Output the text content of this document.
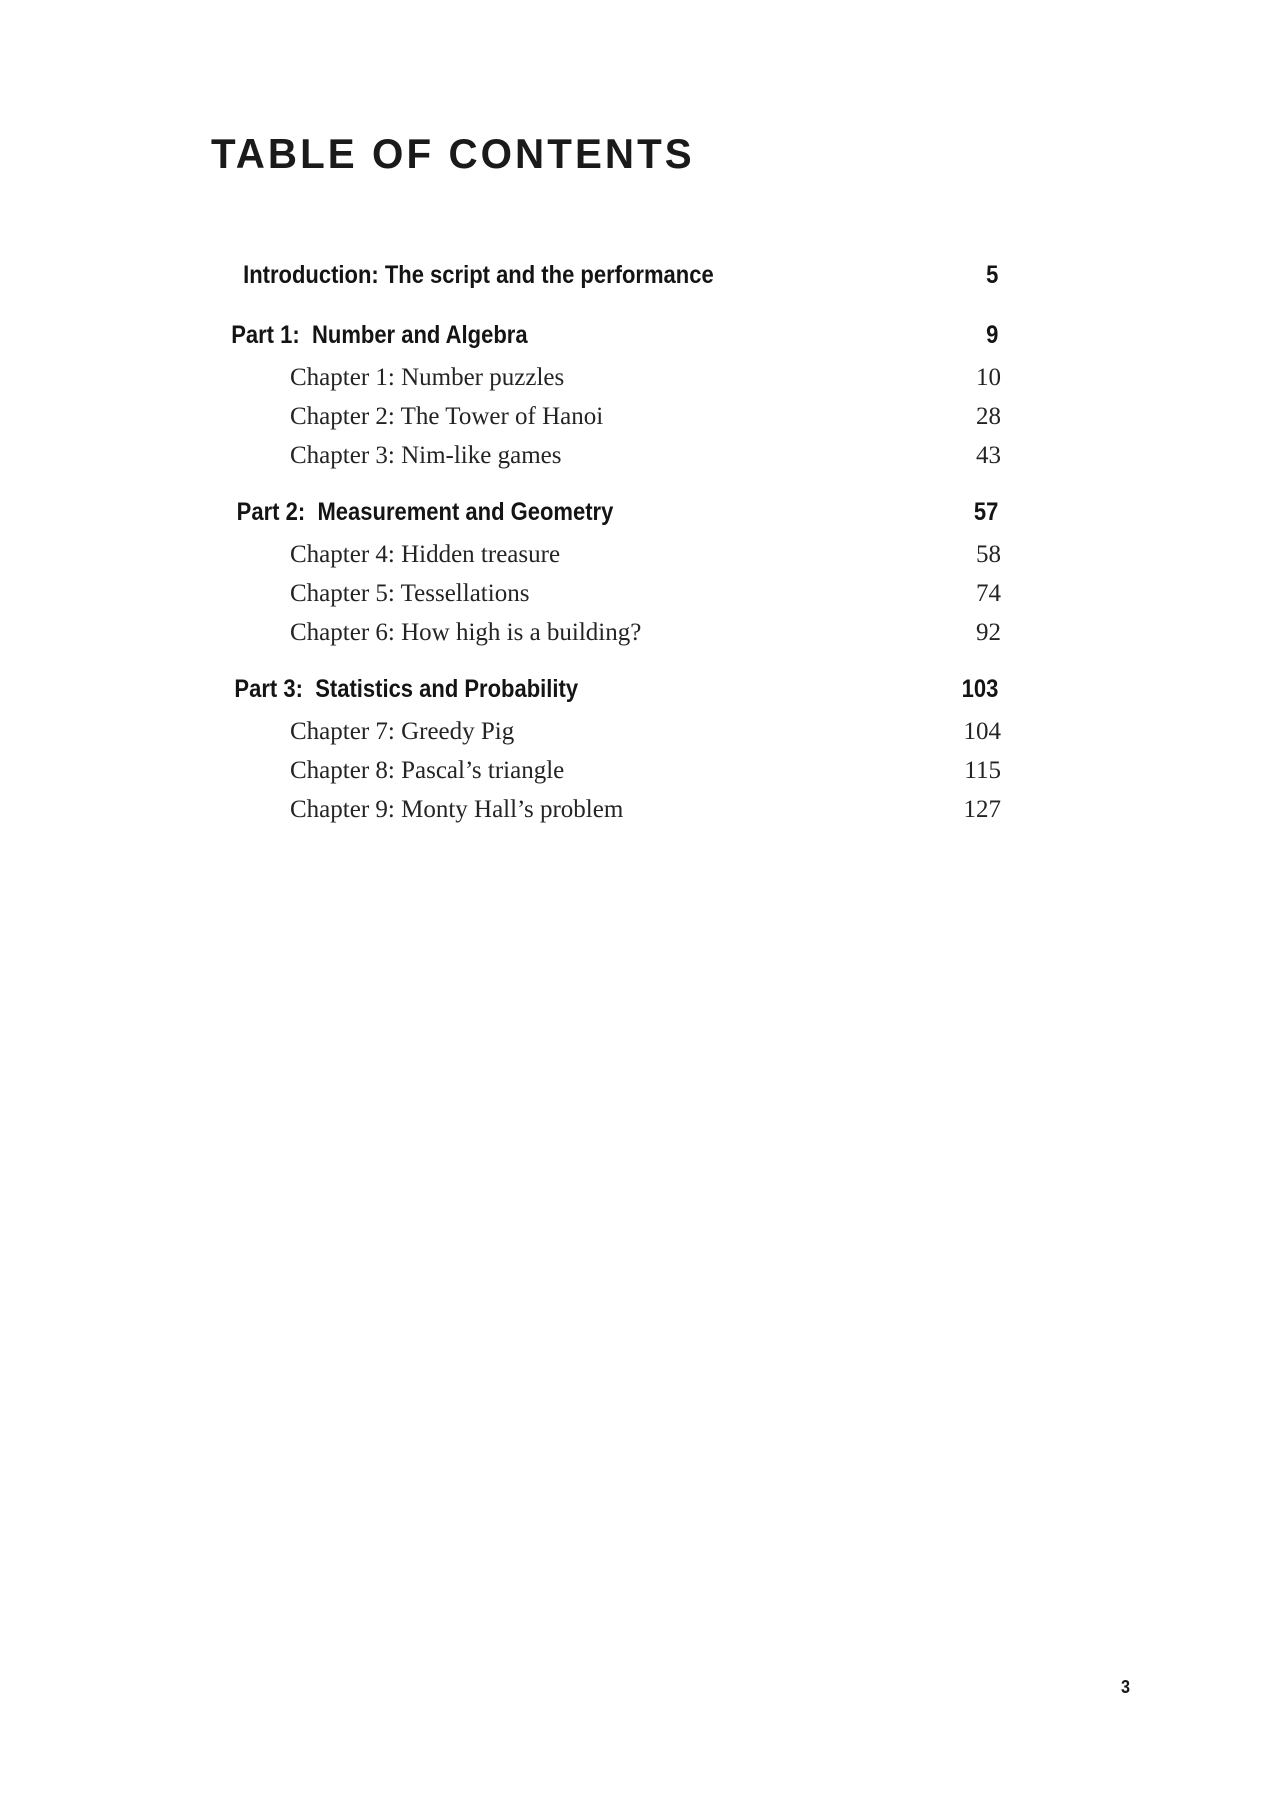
TABLE OF CONTENTS
Introduction: The script and the performance	5
Part 1: Number and Algebra	9
Chapter 1: Number puzzles	10
Chapter 2: The Tower of Hanoi	28
Chapter 3: Nim-like games	43
Part 2: Measurement and Geometry	57
Chapter 4: Hidden treasure	58
Chapter 5: Tessellations	74
Chapter 6: How high is a building?	92
Part 3: Statistics and Probability	103
Chapter 7: Greedy Pig	104
Chapter 8: Pascal’s triangle	115
Chapter 9: Monty Hall’s problem	127
3
